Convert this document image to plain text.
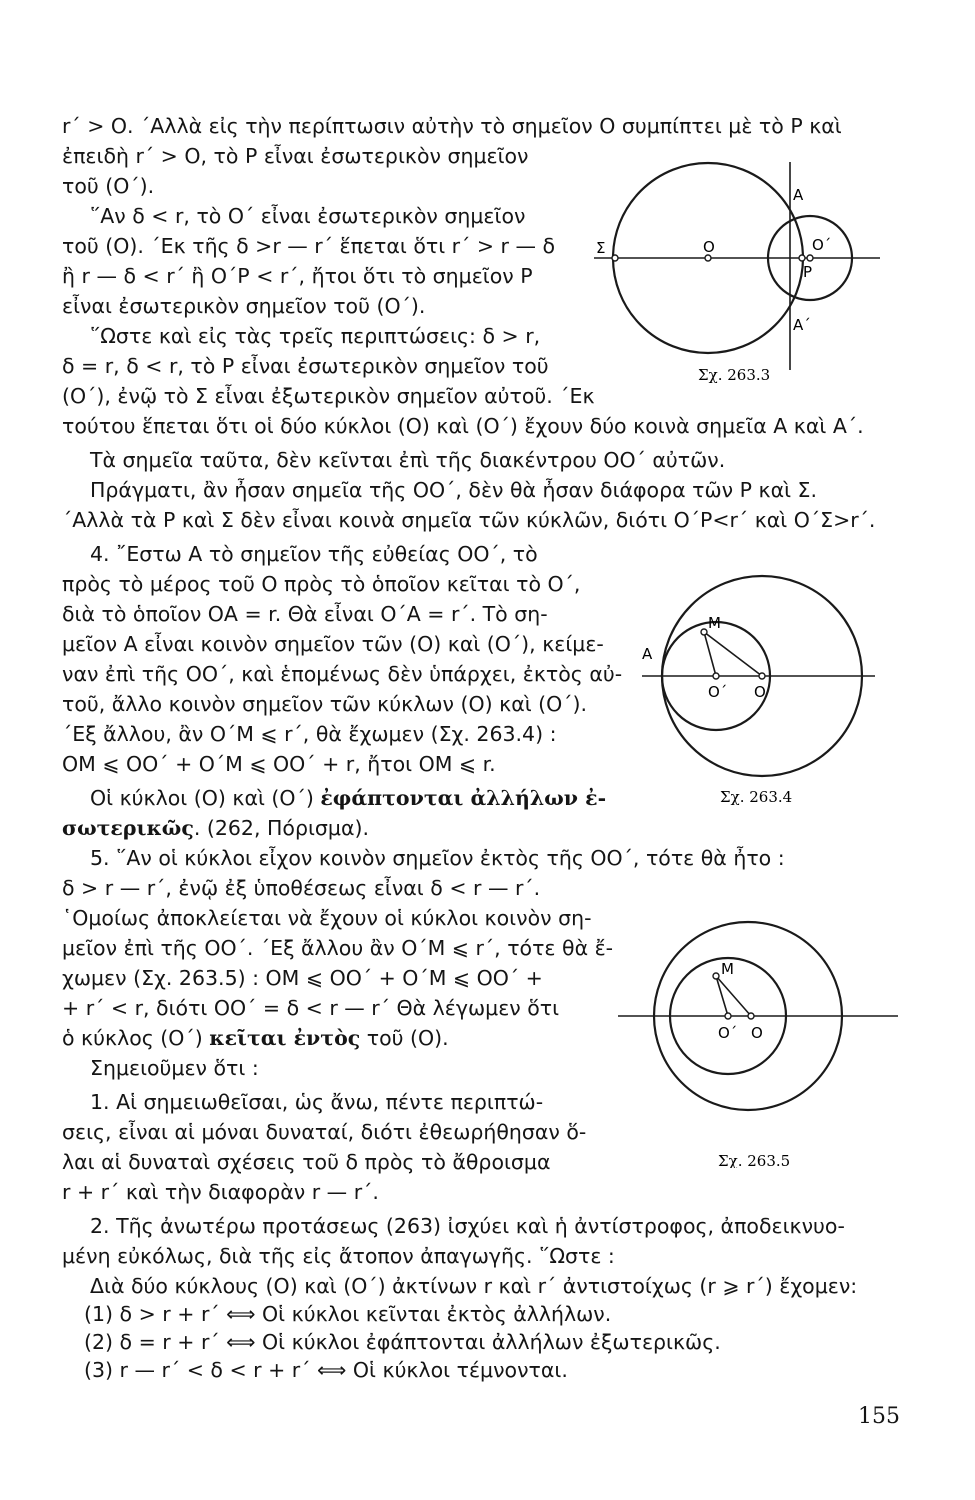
r΄ > Ο. ΄Αλλὰ εἰς τὴν περίπτωσιν αὐτὴν τὸ σημεῖον Ο συμπίπτει μὲ τὸ Ρ καὶ
ἐπειδὴ r΄ > Ο, τὸ Ρ εἶναι ἐσωτερικὸν σημεῖον
τοῦ (Ο΄).
῞Αν δ < r, τὸ Ο΄ εἶναι ἐσωτερικὸν σημεῖον
τοῦ (Ο). ΄Εκ τῆς δ >r — r΄ ἕπεται ὅτι r΄ > r — δ
ἢ r — δ < r΄ ἢ Ο΄Ρ < r΄, ἤτοι ὅτι τὸ σημεῖον Ρ
εἶναι ἐσωτερικὸν σημεῖον τοῦ (Ο΄).
῞Ωστε καὶ εἰς τὰς τρεῖς περιπτώσεις: δ > r,
δ = r, δ < r, τὸ Ρ εἶναι ἐσωτερικὸν σημεῖον τοῦ
(Ο΄), ἐνῷ τὸ Σ εἶναι ἐξωτερικὸν σημεῖον αὐτοῦ. ΄Εκ
τούτου ἕπεται ὅτι οἱ δύο κύκλοι (Ο) καὶ (Ο΄) ἔχουν δύο κοινὰ σημεῖα Α καὶ Α΄.
Τὰ σημεῖα ταῦτα, δὲν κεῖνται ἐπὶ τῆς διακέντρου ΟΟ΄ αὐτῶν.
Πράγματι, ἂν ἦσαν σημεῖα τῆς ΟΟ΄, δὲν θὰ ἦσαν διάφορα τῶν Ρ καὶ Σ.
΄Αλλὰ τὰ Ρ καὶ Σ δὲν εἶναι κοινὰ σημεῖα τῶν κύκλῶν, διότι Ο΄Ρ<r΄ καὶ Ο΄Σ>r΄.
4. ῎Εστω Α τὸ σημεῖον τῆς εὐθείας ΟΟ΄, τὸ
πρὸς τὸ μέρος τοῦ Ο πρὸς τὸ ὁποῖον κεῖται τὸ Ο΄,
διὰ τὸ ὁποῖον ΟΑ = r. Θὰ εἶναι Ο΄Α = r΄. Τὸ ση-
μεῖον Α εἶναι κοινὸν σημεῖον τῶν (Ο) καὶ (Ο΄), κείμε-
ναν ἐπὶ τῆς ΟΟ΄, καὶ ἑπομένως δὲν ὑπάρχει, ἐκτὸς αὐ-
τοῦ, ἄλλο κοινὸν σημεῖον τῶν κύκλων (Ο) καὶ (Ο΄).
΄Εξ ἄλλου, ἂν Ο΄Μ ⩽ r΄, θὰ ἔχωμεν (Σχ. 263.4) :
ΟΜ ⩽ ΟΟ΄ + Ο΄Μ ⩽ ΟΟ΄ + r, ἤτοι ΟΜ ⩽ r.
Οἱ κύκλοι (Ο) καὶ (Ο΄) ἐφάπτονται ἀλλήλων ἐ-
σωτερικῶς. (262, Πόρισμα).
5. ῞Αν οἱ κύκλοι εἶχον κοινὸν σημεῖον ἐκτὸς τῆς ΟΟ΄, τότε θὰ ἦτο :
δ > r — r΄, ἐνῷ ἐξ ὑποθέσεως εἶναι δ < r — r΄.
῾Ομοίως ἀποκλείεται νὰ ἔχουν οἱ κύκλοι κοινὸν ση-
μεῖον ἐπὶ τῆς ΟΟ΄. ΄Εξ ἄλλου ἂν Ο΄Μ ⩽ r΄, τότε θὰ ἔ-
χωμεν (Σχ. 263.5) : ΟΜ ⩽ ΟΟ΄ + Ο΄Μ ⩽ ΟΟ΄ +
+ r΄ < r, διότι ΟΟ΄ = δ < r — r΄ Θὰ λέγωμεν ὅτι
ὁ κύκλος (Ο΄) κεῖται ἐντὸς τοῦ (Ο).
Σημειοῦμεν ὅτι :
1. Αἱ σημειωθεῖσαι, ὡς ἄνω, πέντε περιπτώ-
σεις, εἶναι αἱ μόναι δυναταί, διότι ἐθεωρήθησαν ὅ-
λαι αἱ δυναταὶ σχέσεις τοῦ δ πρὸς τὸ ἄθροισμα
r + r΄ καὶ τὴν διαφορὰν r — r΄.
2. Τῆς ἀνωτέρω προτάσεως (263) ἰσχύει καὶ ἡ ἀντίστροφος, ἀποδεικνυο-
μένη εὐκόλως, διὰ τῆς εἰς ἄτοπον ἀπαγωγῆς. ῞Ωστε :
Διὰ δύο κύκλους (Ο) καὶ (Ο΄) ἀκτίνων r καὶ r΄ ἀντιστοίχως (r ⩾ r΄) ἔχομεν:
(1) δ > r + r΄ ⟺ Οἱ κύκλοι κεῖνται ἐκτὸς ἀλλήλων.
(2) δ = r + r΄ ⟺ Οἱ κύκλοι ἐφάπτονται ἀλλήλων ἐξωτερικῶς.
(3) r — r΄ < δ < r + r΄ ⟺ Οἱ κύκλοι τέμνονται.
Α
Α΄
Σ	Ο	Ο΄
Ρ
Σχ. 263.3
Α
Μ
Ο΄ Ο
Σχ. 263.4
Μ
Ο΄ Ο
Σχ. 263.5
155
